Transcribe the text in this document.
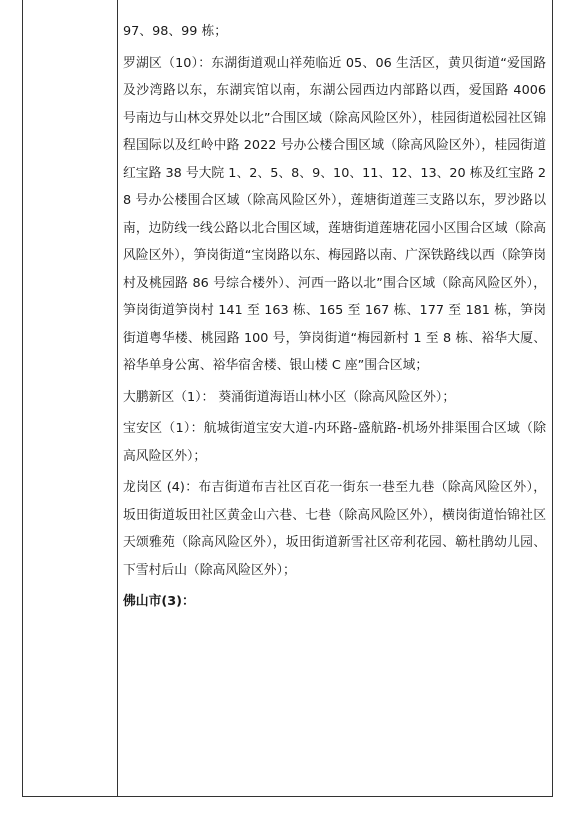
97、98、99 栋；

罗湖区（10）：东湖街道观山祥苑临近 05、06 生活区，黄贝街道“爱国路及沙湾路以东，东湖宾馆以南，东湖公园西边内部路以西，爱国路 4006 号南边与山林交界处以北”合围区域（除高风险区外），桂园街道松园社区锦程国际以及红岭中路 2022 号办公楼合围区域（除高风险区外），桂园街道红宝路 38 号大院 1、2、5、8、9、10、11、12、13、20 栋及红宝路 28 号办公楼围合区域（除高风险区外），莲塘街道莲三支路以东，罗沙路以南，边防线一线公路以北合围区域，莲塘街道莲塘花园小区围合区域（除高风险区外），笋岗街道“宝岗路以东、梅园路以南、广深铁路线以西（除笋岗村及桃园路 86 号综合楼外）、河西一路以北”围合区域（除高风险区外），笋岗街道笋岗村 141 至 163 栋、165 至 167 栋、177 至 181 栋，笋岗街道粤华楼、桃园路 100 号，笋岗街道“梅园新村 1 至 8 栋、裕华大厦、裕华单身公寓、裕华宿舍楼、银山楼 C 座”围合区域；

大鹏新区（1）： 葵涌街道海语山林小区（除高风险区外）；

宝安区（1）：航城街道宝安大道-内环路-盛航路-机场外排渠围合区域（除高风险区外）；

龙岗区 (4)：布吉街道布吉社区百花一街东一巷至九巷（除高风险区外），坂田街道坂田社区黄金山六巷、七巷（除高风险区外），横岗街道怡锦社区天颂雅苑（除高风险区外），坂田街道新雪社区帝利花园、簕杜鹃幼儿园、下雪村后山（除高风险区外）；

佛山市(3)：
